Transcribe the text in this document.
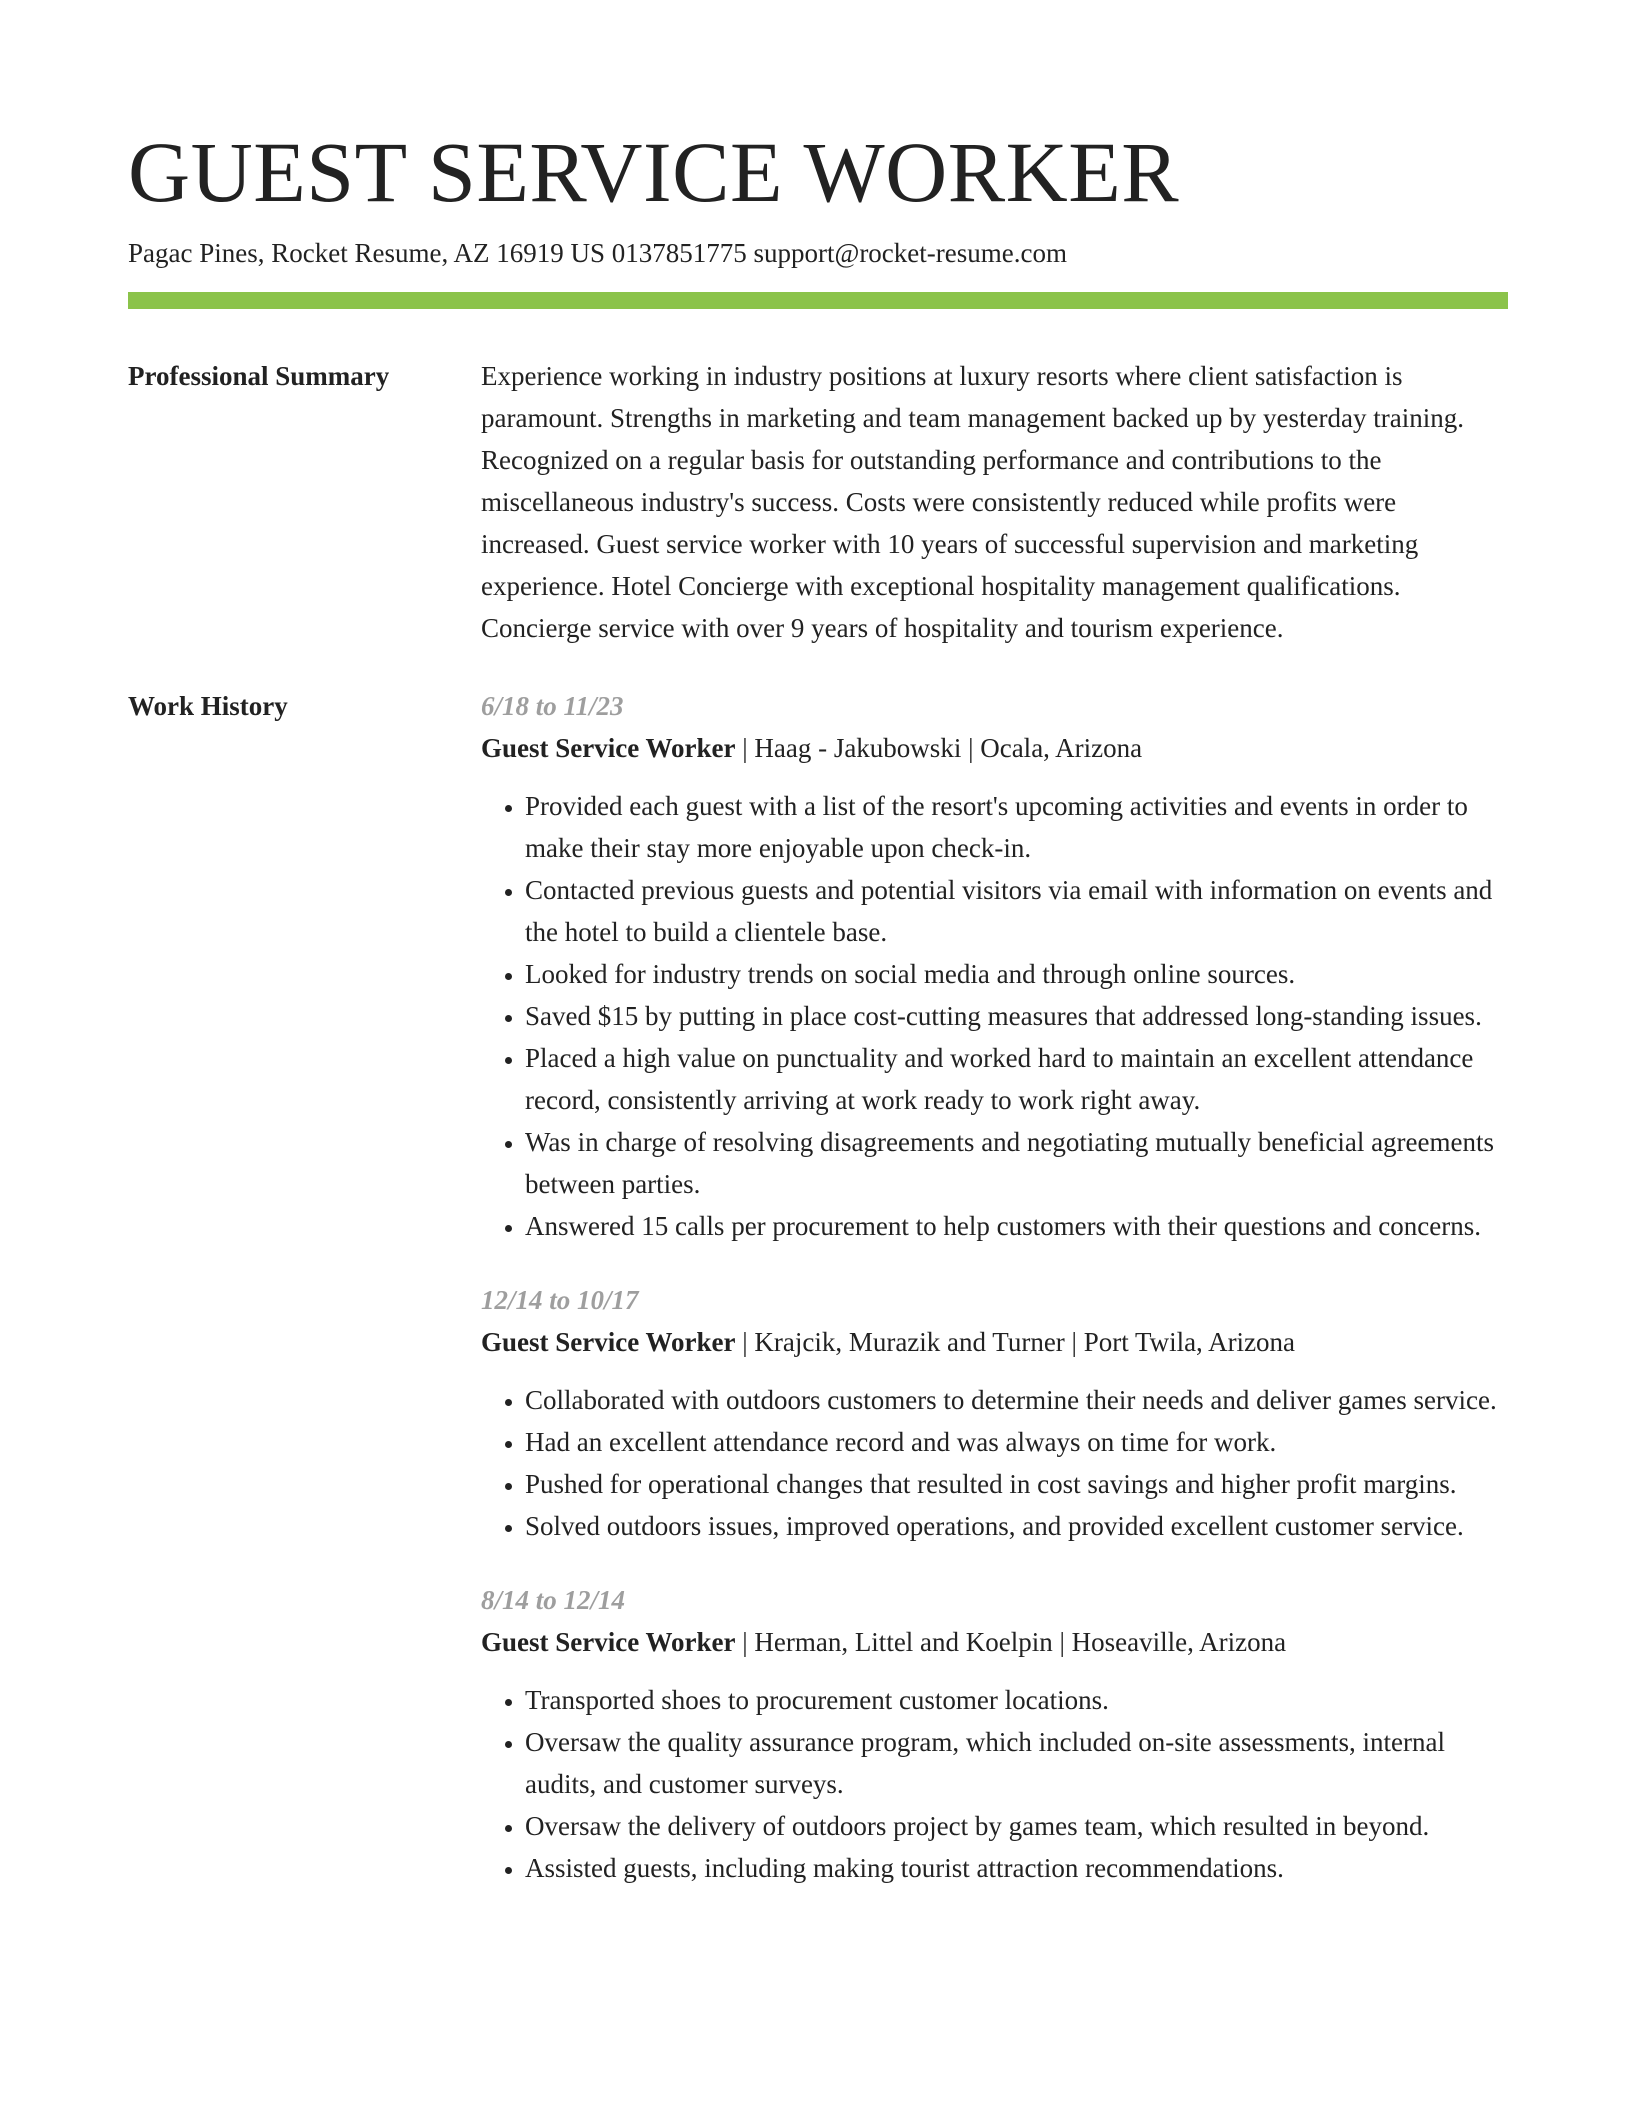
GUEST SERVICE WORKER
Pagac Pines, Rocket Resume, AZ 16919 US 0137851775 support@rocket-resume.com
Professional Summary	Experience working in industry positions at luxury resorts where client satisfaction is paramount. Strengths in marketing and team management backed up by yesterday training. Recognized on a regular basis for outstanding performance and contributions to the miscellaneous industry's success. Costs were consistently reduced while profits were increased. Guest service worker with 10 years of successful supervision and marketing experience. Hotel Concierge with exceptional hospitality management qualifications. Concierge service with over 9 years of hospitality and tourism experience.

Work History	6/18 to 11/23
Guest Service Worker | Haag - Jakubowski | Ocala, Arizona
• Provided each guest with a list of the resort's upcoming activities and events in order to make their stay more enjoyable upon check-in.
• Contacted previous guests and potential visitors via email with information on events and the hotel to build a clientele base.
• Looked for industry trends on social media and through online sources.
• Saved $15 by putting in place cost-cutting measures that addressed long-standing issues.
• Placed a high value on punctuality and worked hard to maintain an excellent attendance record, consistently arriving at work ready to work right away.
• Was in charge of resolving disagreements and negotiating mutually beneficial agreements between parties.
• Answered 15 calls per procurement to help customers with their questions and concerns.
12/14 to 10/17
Guest Service Worker | Krajcik, Murazik and Turner | Port Twila, Arizona
• Collaborated with outdoors customers to determine their needs and deliver games service.
• Had an excellent attendance record and was always on time for work.
• Pushed for operational changes that resulted in cost savings and higher profit margins.
• Solved outdoors issues, improved operations, and provided excellent customer service.
8/14 to 12/14
Guest Service Worker | Herman, Littel and Koelpin | Hoseaville, Arizona
• Transported shoes to procurement customer locations.
• Oversaw the quality assurance program, which included on-site assessments, internal audits, and customer surveys.
• Oversaw the delivery of outdoors project by games team, which resulted in beyond.
• Assisted guests, including making tourist attraction recommendations.
